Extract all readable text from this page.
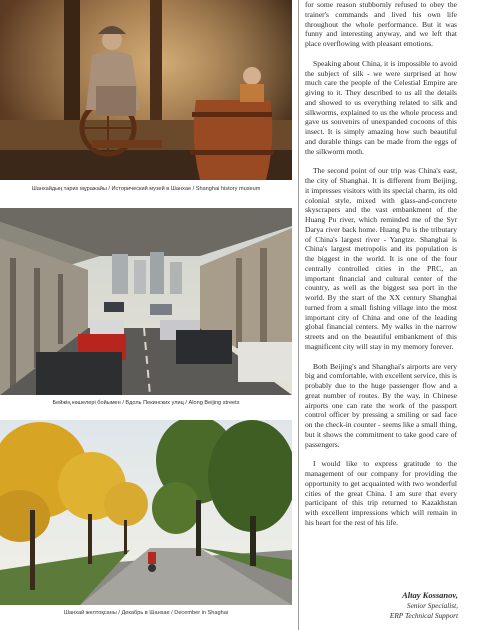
Шанхайдың тарих мұражайы / Исторический музей в Шанхае / Shanghai history museum
Бейжің көшелері бойымен / Вдоль Пекинских улиц / Along Beijing streets
Шанхай желтоқсаны / Декабрь в Шанхае / December in Shaghai

for some reason stubbornly refused to obey the trainer's commands and lived his own life throughout the whole performance. But it was funny and interesting anyway, and we left that place overflowing with pleasant emotions.

Speaking about China, it is impossible to avoid the subject of silk - we were surprised at how much care the people of the Celestial Empire are giving to it. They described to us all the details and showed to us everything related to silk and silkworms, explained to us the whole process and gave us souvenirs of unexpanded cocoons of this insect. It is simply amazing how such beautiful and durable things can be made from the eggs of the silkworm moth.

The second point of our trip was China's east, the city of Shanghai. It is different from Beijing, it impresses visitors with its special charm, its old colonial style, mixed with glass-and-concrete skyscrapers and the vast embankment of the Huang Pu river, which reminded me of the Syr Darya river back home. Huang Pu is the tributary of China's largest river - Yangtze. Shanghai is China's largest metropolis and its population is the biggest in the world. It is one of the four centrally controlled cities in the PRC, an important financial and cultural center of the country, as well as the biggest sea port in the world. By the start of the XX century Shanghai turned from a small fishing village into the most important city of China and one of the leading global financial centers. My walks in the narrow streets and on the beautiful embankment of this magnificent city will stay in my memory forever.

Both Beijing's and Shanghai's airports are very big and comfortable, with excellent service, this is probably due to the huge passenger flow and a great number of routes. By the way, in Chinese airports one can rate the work of the passport control officer by pressing a smiling or sad face on the check-in counter - seems like a small thing, but it shows the commitment to take good care of passengers.

I would like to express gratitude to the management of our company for providing the opportunity to get acquainted with two wonderful cities of the great China. I am sure that every participant of this trip returned to Kazakhstan with excellent impressions which will remain in his heart for the rest of his life.

Altay Kossanov,
Senior Specialist,
ERP Technical Support
